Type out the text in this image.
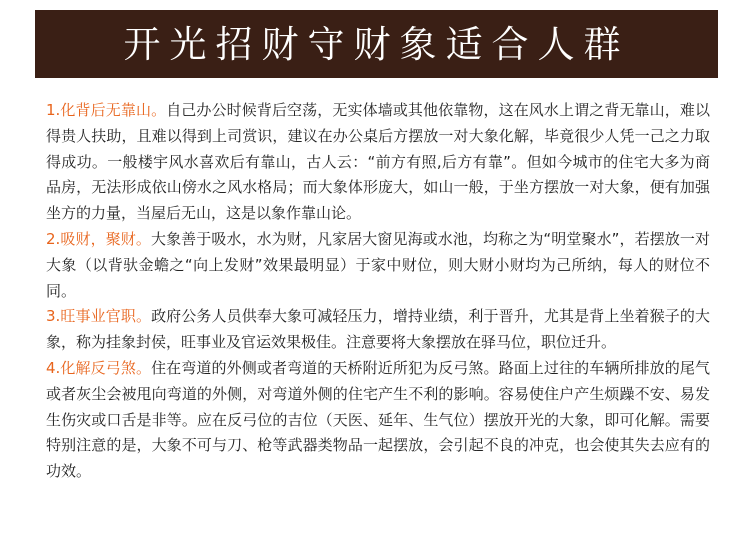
开光招财守财象适合人群

1.化背后无靠山。自己办公时候背后空荡，无实体墙或其他依靠物，这在风水上谓之背无靠山，难以得贵人扶助，且难以得到上司赏识，建议在办公桌后方摆放一对大象化解，毕竟很少人凭一己之力取得成功。一般楼宇风水喜欢后有靠山，古人云：“前方有照,后方有靠”。但如今城市的住宅大多为商品房，无法形成依山傍水之风水格局；而大象体形庞大，如山一般，于坐方摆放一对大象，便有加强坐方的力量，当屋后无山，这是以象作靠山论。

2.吸财，聚财。大象善于吸水，水为财，凡家居大窗见海或水池，均称之为“明堂聚水”，若摆放一对大象（以背驮金蟾之“向上发财”效果最明显）于家中财位，则大财小财均为己所纳，每人的财位不同。

3.旺事业官职。政府公务人员供奉大象可减轻压力，增持业绩，利于晋升，尤其是背上坐着猴子的大象，称为挂象封侯，旺事业及官运效果极佳。注意要将大象摆放在驿马位，职位迁升。

4.化解反弓煞。住在弯道的外侧或者弯道的天桥附近所犯为反弓煞。路面上过往的车辆所排放的尾气或者灰尘会被甩向弯道的外侧，对弯道外侧的住宅产生不利的影响。容易使住户产生烦躁不安、易发生伤灾或口舌是非等。应在反弓位的吉位（天医、延年、生气位）摆放开光的大象，即可化解。需要特别注意的是，大象不可与刀、枪等武器类物品一起摆放，会引起不良的冲克，也会使其失去应有的功效。
